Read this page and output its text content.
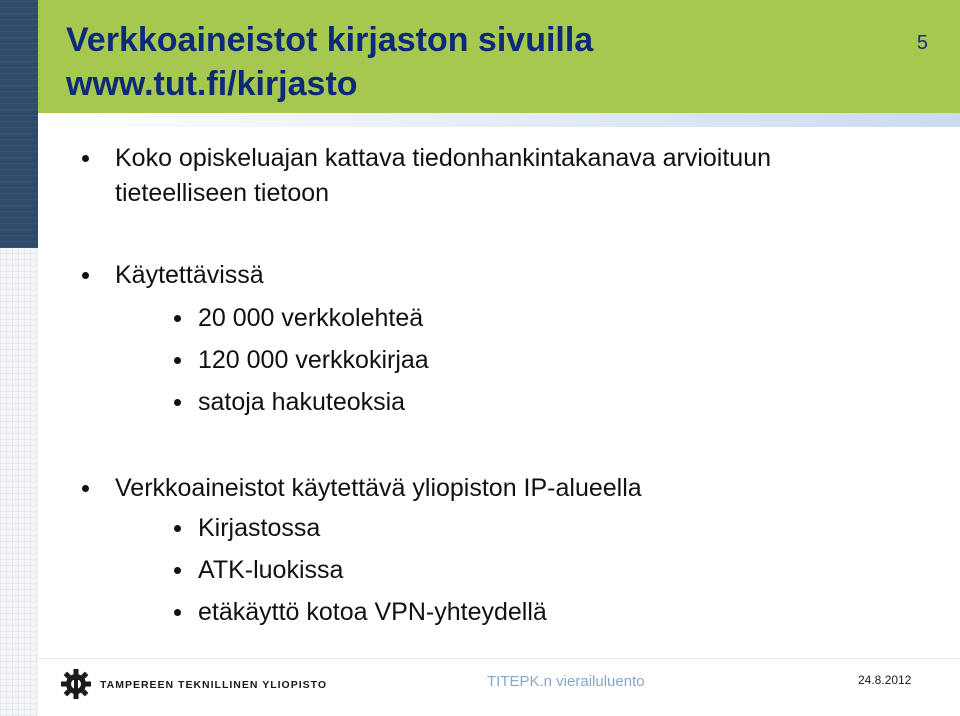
Verkkoaineistot kirjaston sivuilla
www.tut.fi/kirjasto
5
Koko opiskeluajan kattava tiedonhankintakanava arvioituun
tieteelliseen tietoon
Käytettävissä
20 000 verkkolehteä
120 000 verkkokirjaa
satoja hakuteoksia
Verkkoaineistot käytettävä yliopiston IP-alueella
Kirjastossa
ATK-luokissa
etäkäyttö kotoa VPN-yhteydellä
TAMPEREEN TEKNILLINEN YLIOPISTO	TITEPK.n vierailuluento	24.8.2012
